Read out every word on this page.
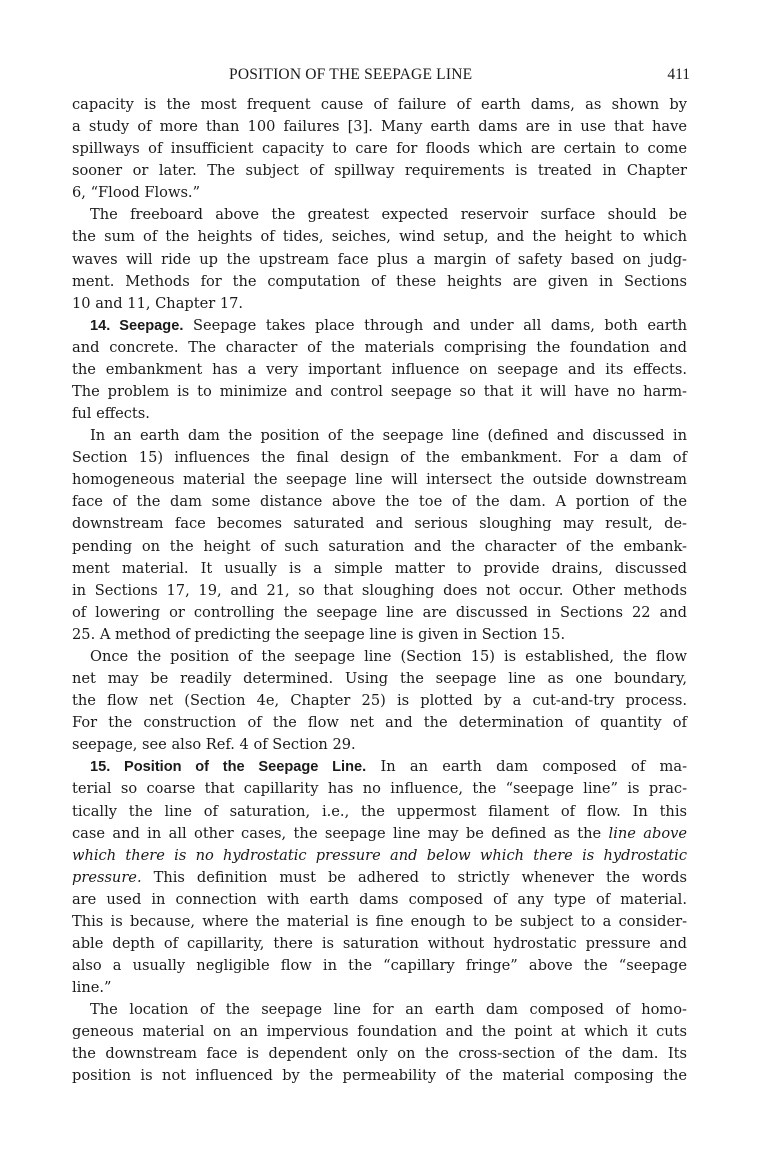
POSITION OF THE SEEPAGE LINE	411
capacity is the most frequent cause of failure of earth dams, as shown by
a study of more than 100 failures [3]. Many earth dams are in use that have
spillways of insufficient capacity to care for floods which are certain to come
sooner or later. The subject of spillway requirements is treated in Chapter
6, “Flood Flows.”
The freeboard above the greatest expected reservoir surface should be
the sum of the heights of tides, seiches, wind setup, and the height to which
waves will ride up the upstream face plus a margin of safety based on judg-
ment. Methods for the computation of these heights are given in Sections
10 and 11, Chapter 17.
14. Seepage. Seepage takes place through and under all dams, both earth
and concrete. The character of the materials comprising the foundation and
the embankment has a very important influence on seepage and its effects.
The problem is to minimize and control seepage so that it will have no harm-
ful effects.
In an earth dam the position of the seepage line (defined and discussed in
Section 15) influences the final design of the embankment. For a dam of
homogeneous material the seepage line will intersect the outside downstream
face of the dam some distance above the toe of the dam. A portion of the
downstream face becomes saturated and serious sloughing may result, de-
pending on the height of such saturation and the character of the embank-
ment material. It usually is a simple matter to provide drains, discussed
in Sections 17, 19, and 21, so that sloughing does not occur. Other methods
of lowering or controlling the seepage line are discussed in Sections 22 and
25. A method of predicting the seepage line is given in Section 15.
Once the position of the seepage line (Section 15) is established, the flow
net may be readily determined. Using the seepage line as one boundary,
the flow net (Section 4e, Chapter 25) is plotted by a cut-and-try process.
For the construction of the flow net and the determination of quantity of
seepage, see also Ref. 4 of Section 29.
15. Position of the Seepage Line. In an earth dam composed of ma-
terial so coarse that capillarity has no influence, the “seepage line” is prac-
tically the line of saturation, i.e., the uppermost filament of flow. In this
case and in all other cases, the seepage line may be defined as the line above
which there is no hydrostatic pressure and below which there is hydrostatic
pressure. This definition must be adhered to strictly whenever the words
are used in connection with earth dams composed of any type of material.
This is because, where the material is fine enough to be subject to a consider-
able depth of capillarity, there is saturation without hydrostatic pressure and
also a usually negligible flow in the “capillary fringe” above the “seepage
line.”
The location of the seepage line for an earth dam composed of homo-
geneous material on an impervious foundation and the point at which it cuts
the downstream face is dependent only on the cross-section of the dam. Its
position is not influenced by the permeability of the material composing the
